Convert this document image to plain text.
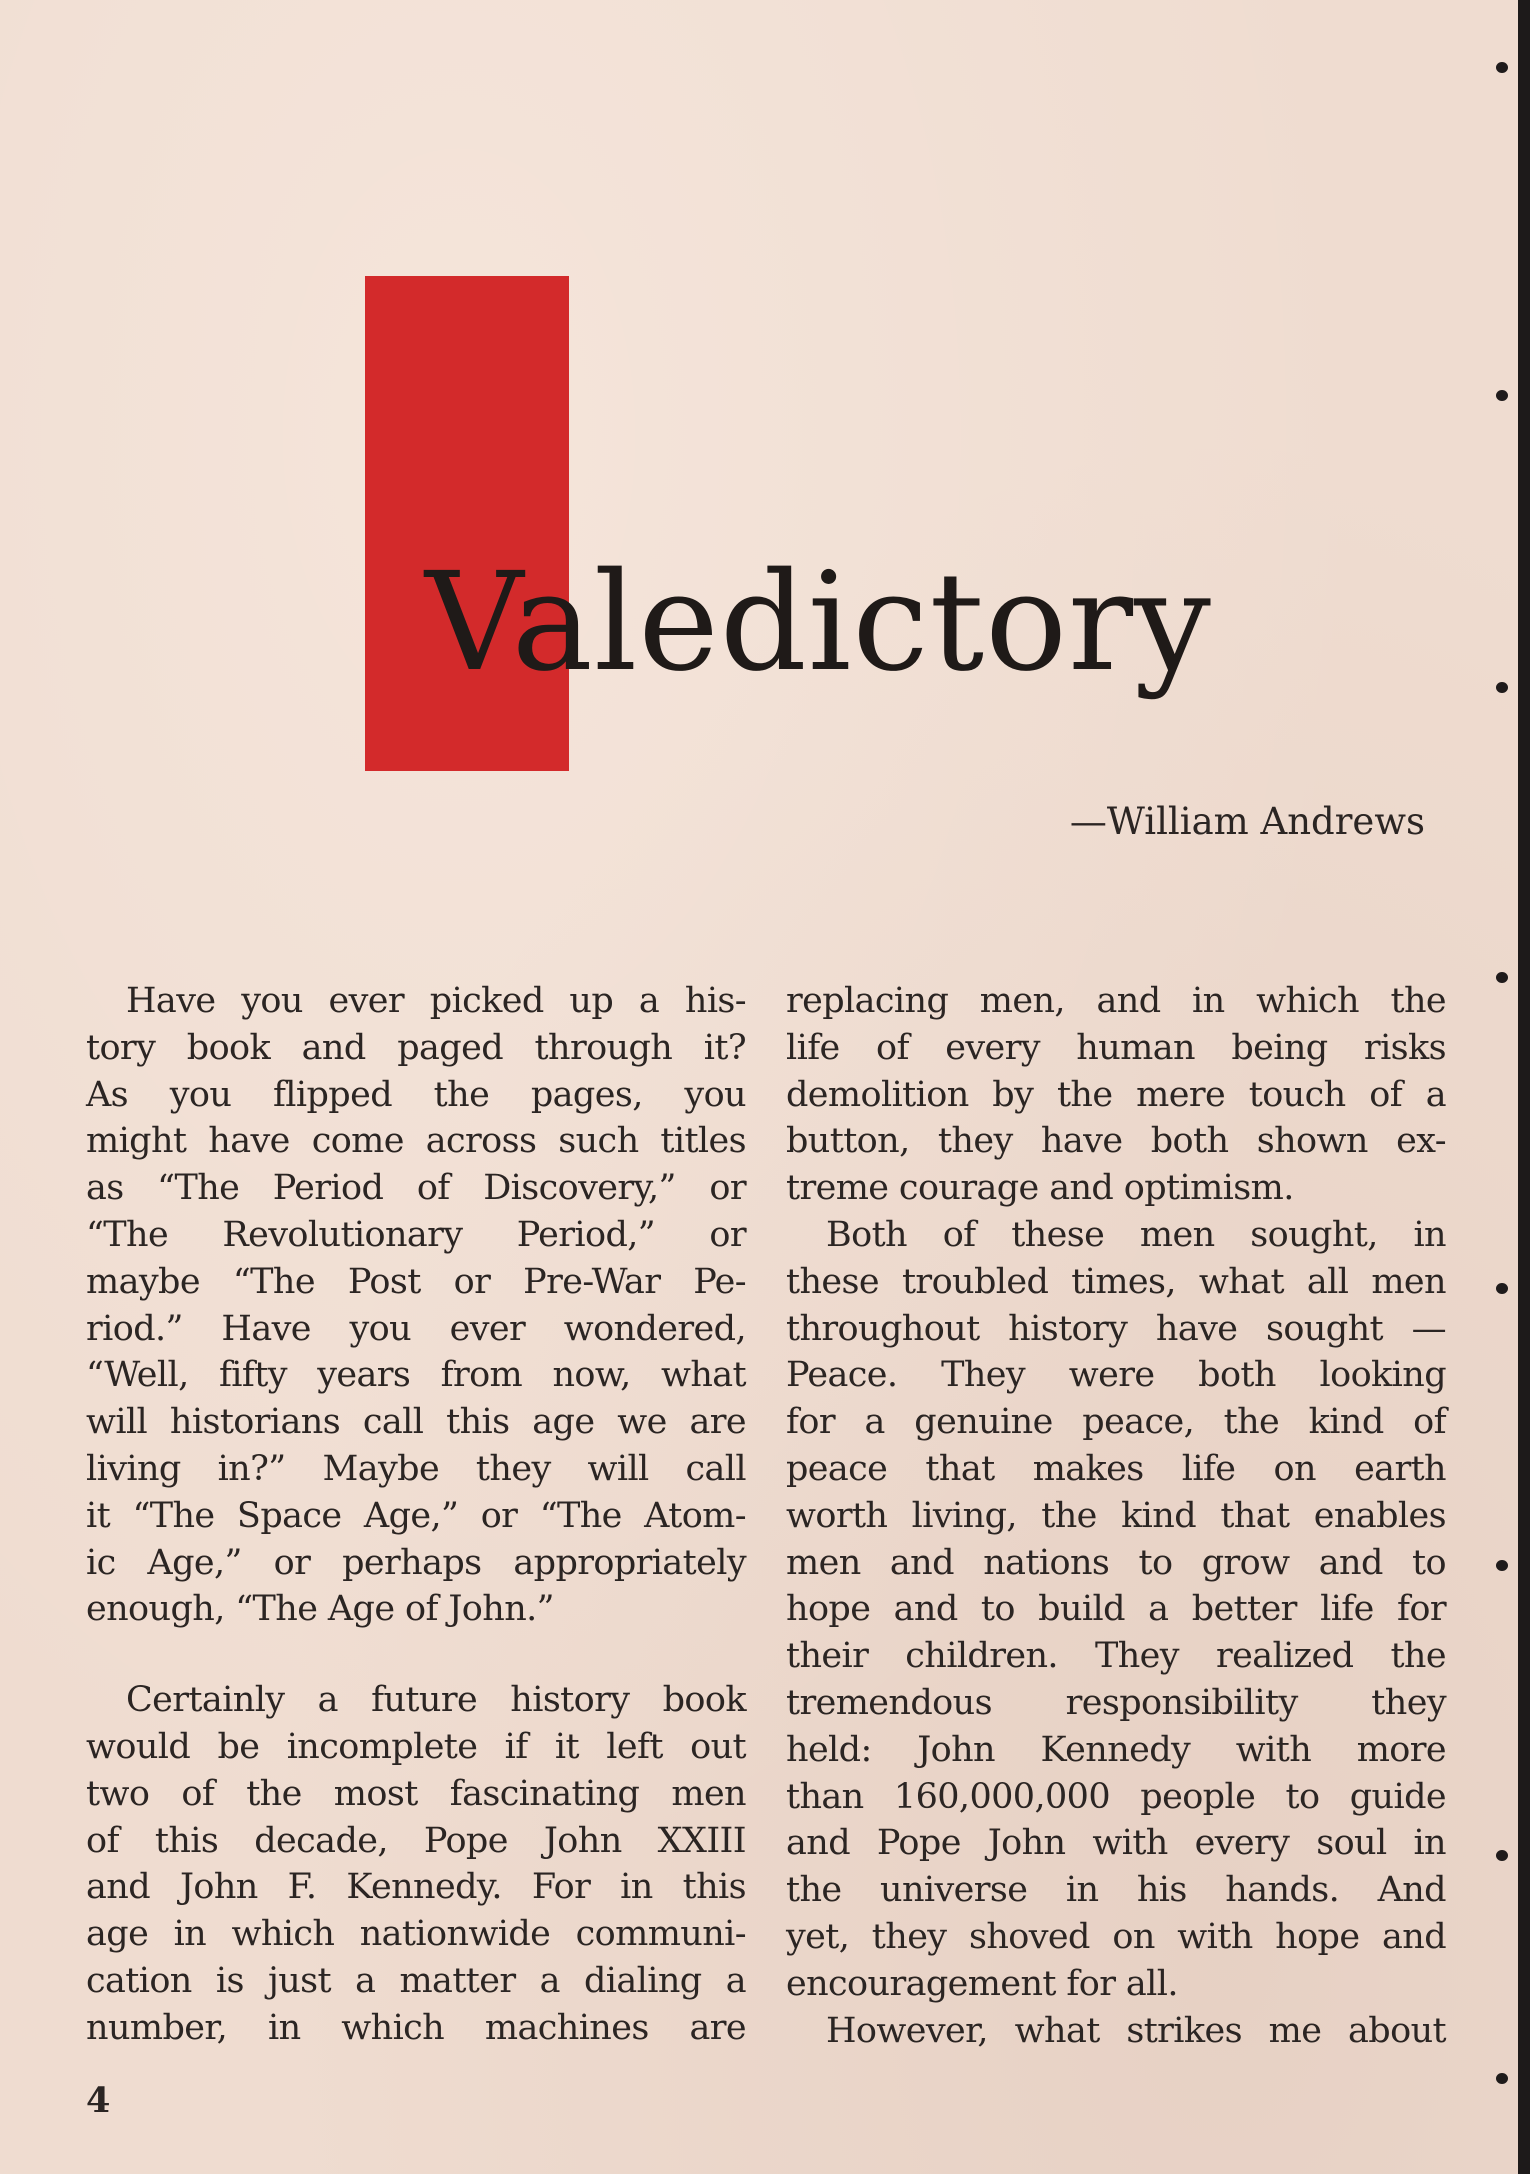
Valedictory
—William Andrews

Have you ever picked up a his-

tory book and paged through it?

As you flipped the pages, you

might have come across such titles

as “The Period of Discovery,” or

“The Revolutionary Period,” or

maybe “The Post or Pre-War Pe-

riod.” Have you ever wondered,

“Well, fifty years from now, what

will historians call this age we are

living in?” Maybe they will call

it “The Space Age,” or “The Atom-

ic Age,” or perhaps appropriately

enough, “The Age of John.”

Certainly a future history book

would be incomplete if it left out

two of the most fascinating men

of this decade, Pope John XXIII

and John F. Kennedy. For in this

age in which nationwide communi-

cation is just a matter a dialing a

number, in which machines are

replacing men, and in which the

life of every human being risks

demolition by the mere touch of a

button, they have both shown ex-

treme courage and optimism.

Both of these men sought, in

these troubled times, what all men

throughout history have sought —

Peace. They were both looking

for a genuine peace, the kind of

peace that makes life on earth

worth living, the kind that enables

men and nations to grow and to

hope and to build a better life for

their children. They realized the

tremendous responsibility they

held: John Kennedy with more

than 160,000,000 people to guide

and Pope John with every soul in

the universe in his hands. And

yet, they shoved on with hope and

encouragement for all.

However, what strikes me about

4
